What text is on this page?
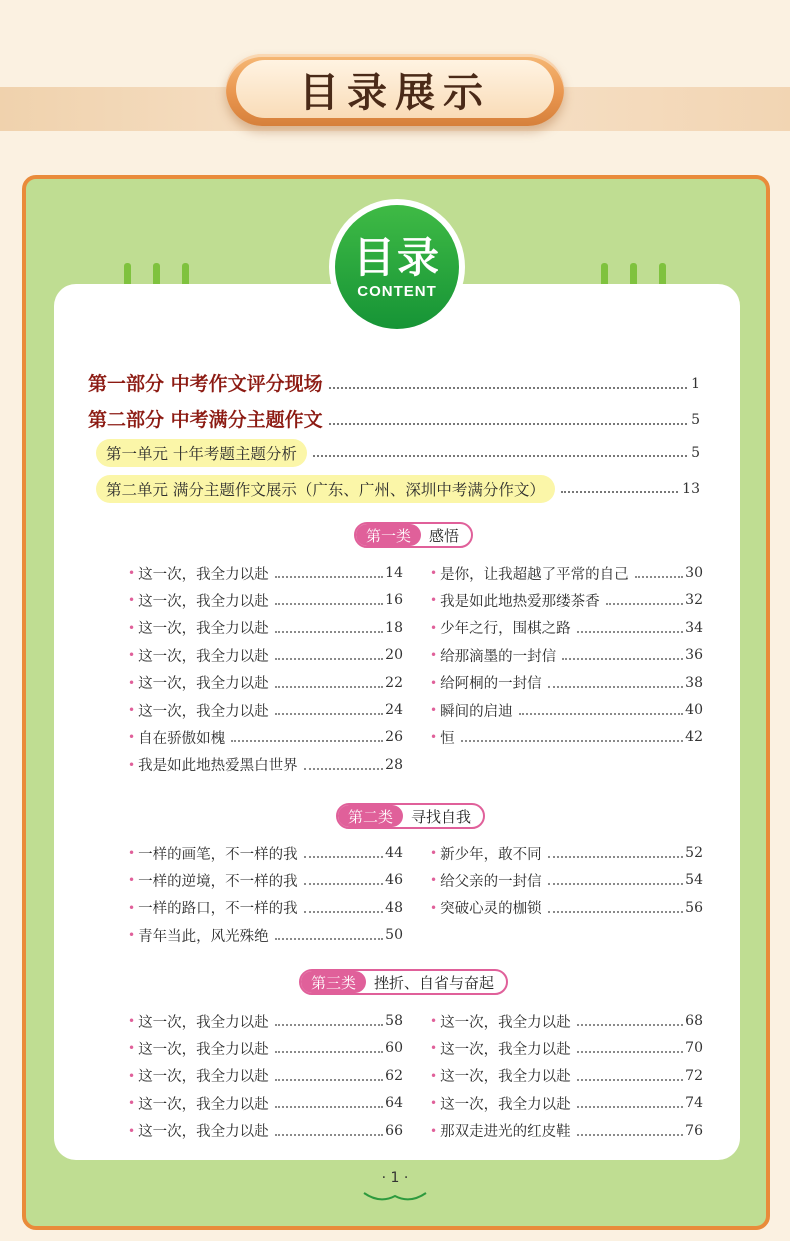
目录展示
目录
CONTENT
第一部分 中考作文评分现场	1
第二部分 中考满分主题作文	5
第一单元 十年考题主题分析	5
第二单元 满分主题作文展示（广东、广州、深圳中考满分作文）	13
第一类	感悟
• 这一次，我全力以赴	14
• 这一次，我全力以赴	16
• 这一次，我全力以赴	18
• 这一次，我全力以赴	20
• 这一次，我全力以赴	22
• 这一次，我全力以赴	24
• 自在骄傲如槐	26
• 我是如此地热爱黑白世界	28
• 是你，让我超越了平常的自己	30
• 我是如此地热爱那缕茶香	32
• 少年之行，围棋之路	34
• 给那滴墨的一封信	36
• 给阿桐的一封信	38
• 瞬间的启迪	40
• 恒	42
第二类	寻找自我
• 一样的画笔，不一样的我	44
• 一样的逆境，不一样的我	46
• 一样的路口，不一样的我	48
• 青年当此，风光殊绝	50
• 新少年，敢不同	52
• 给父亲的一封信	54
• 突破心灵的枷锁	56
第三类	挫折、自省与奋起
• 这一次，我全力以赴	58
• 这一次，我全力以赴	60
• 这一次，我全力以赴	62
• 这一次，我全力以赴	64
• 这一次，我全力以赴	66
• 这一次，我全力以赴	68
• 这一次，我全力以赴	70
• 这一次，我全力以赴	72
• 这一次，我全力以赴	74
• 那双走进光的红皮鞋	76
· 1 ·
